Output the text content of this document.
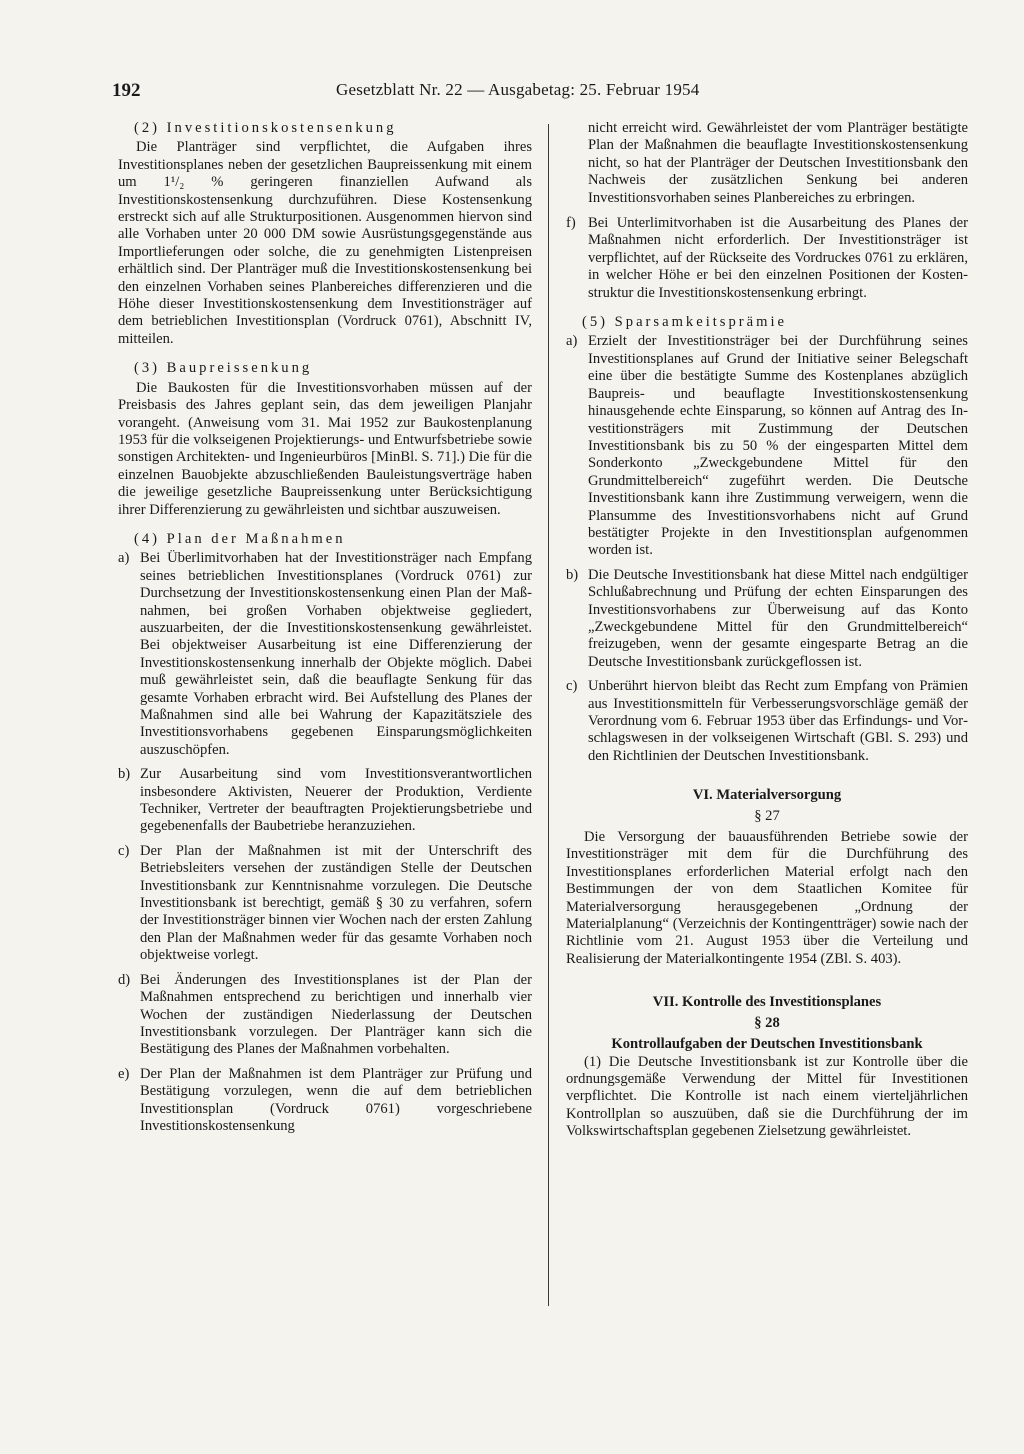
192	Gesetzblatt Nr. 22 — Ausgabetag: 25. Februar 1954
(2) Investitionskostensenkung

Die Planträger sind verpflichtet, die Aufgaben ihres Investitionsplanes neben der gesetzlichen Baupreissenkung mit einem um 1¹/₂ % geringeren finanziellen Aufwand als Investitionskostensenkung durchzuführen. Diese Kostensenkung erstreckt sich auf alle Strukturpositionen. Ausgenommen hiervon sind alle Vorhaben unter 20 000 DM sowie Ausrüstungsgegenstände aus Importlieferungen oder solche, die zu genehmigten Listenpreisen erhältlich sind. Der Planträger muß die Investitionskostensenkung bei den einzelnen Vorhaben seines Planbereiches differenzieren und die Höhe dieser Investitionskostensenkung dem Investitionsträger auf dem betrieblichen Investitionsplan (Vordruck 0761), Abschnitt IV, mitteilen.

(3) Baupreissenkung

Die Baukosten für die Investitionsvorhaben müssen auf der Preisbasis des Jahres geplant sein, das dem jeweiligen Planjahr vorangeht. (Anweisung vom 31. Mai 1952 zur Baukostenplanung 1953 für die volkseigenen Projektierungs- und Entwurfsbetriebe sowie sonstigen Architekten- und Ingenieurbüros [MinBl. S. 71].) Die für die einzelnen Bauobjekte abzuschließenden Bauleistungsverträge haben die jeweilige gesetzliche Baupreissenkung unter Berücksichtigung ihrer Differenzierung zu gewährleisten und sichtbar auszuweisen.

(4) Plan der Maßnahmen
a) Bei Überlimitvorhaben hat der Investitionsträger nach Empfang seines betrieblichen Investitionsplanes (Vordruck 0761) zur Durchsetzung der Investitionskostensenkung einen Plan der Maßnahmen, bei großen Vorhaben objektweise gegliedert, auszuarbeiten, der die Investitionskostensenkung gewährleistet. Bei objektweiser Ausarbeitung ist eine Differenzierung der Investitionskostensenkung innerhalb der Objekte möglich. Dabei muß gewährleistet sein, daß die beauflagte Senkung für das gesamte Vorhaben erbracht wird. Bei Aufstellung des Planes der Maßnahmen sind alle bei Wahrung der Kapazitätsziele des Investitionsvorhabens gegebenen Einsparungsmöglichkeiten auszuschöpfen.
b) Zur Ausarbeitung sind vom Investitionsverantwortlichen insbesondere Aktivisten, Neuerer der Produktion, Verdiente Techniker, Vertreter der beauftragten Projektierungsbetriebe und gegebenenfalls der Baubetriebe heranzuziehen.
c) Der Plan der Maßnahmen ist mit der Unterschrift des Betriebsleiters versehen der zuständigen Stelle der Deutschen Investitionsbank zur Kenntnisnahme vorzulegen. Die Deutsche Investitionsbank ist berechtigt, gemäß § 30 zu verfahren, sofern der Investitionsträger binnen vier Wochen nach der ersten Zahlung den Plan der Maßnahmen weder für das gesamte Vorhaben noch objektweise vorlegt.
d) Bei Änderungen des Investitionsplanes ist der Plan der Maßnahmen entsprechend zu berichtigen und innerhalb vier Wochen der zuständigen Niederlassung der Deutschen Investitionsbank vorzulegen. Der Planträger kann sich die Bestätigung des Planes der Maßnahmen vorbehalten.
e) Der Plan der Maßnahmen ist dem Planträger zur Prüfung und Bestätigung vorzulegen, wenn die auf dem betrieblichen Investitionsplan (Vordruck 0761) vorgeschriebene Investitionskostensenkung
nicht erreicht wird. Gewährleistet der vom Planträger bestätigte Plan der Maßnahmen die beauflagte Investitionskostensenkung nicht, so hat der Planträger der Deutschen Investitionsbank den Nachweis der zusätzlichen Senkung bei anderen Investitionsvorhaben seines Planbereiches zu erbringen.
f) Bei Unterlimitvorhaben ist die Ausarbeitung des Planes der Maßnahmen nicht erforderlich. Der Investitionsträger ist verpflichtet, auf der Rückseite des Vordruckes 0761 zu erklären, in welcher Höhe er bei den einzelnen Positionen der Kostenstruktur die Investitionskostensenkung erbringt.
(5) Sparsamkeitsprämie
a) Erzielt der Investitionsträger bei der Durchführung seines Investitionsplanes auf Grund der Initiative seiner Belegschaft eine über die bestätigte Summe des Kostenplanes abzüglich Baupreis- und beauflagte Investitionskostensenkung hinausgehende echte Einsparung, so können auf Antrag des Investitionsträgers mit Zustimmung der Deutschen Investitionsbank bis zu 50 % der eingesparten Mittel dem Sonderkonto „Zweckgebundene Mittel für den Grundmittelbereich“ zugeführt werden. Die Deutsche Investitionsbank kann ihre Zustimmung verweigern, wenn die Plansumme des Investitionsvorhabens nicht auf Grund bestätigter Projekte in den Investitionsplan aufgenommen worden ist.
b) Die Deutsche Investitionsbank hat diese Mittel nach endgültiger Schlußabrechnung und Prüfung der echten Einsparungen des Investitionsvorhabens zur Überweisung auf das Konto „Zweckgebundene Mittel für den Grundmittelbereich“ freizugeben, wenn der gesamte eingesparte Betrag an die Deutsche Investitionsbank zurückgeflossen ist.
c) Unberührt hiervon bleibt das Recht zum Empfang von Prämien aus Investitionsmitteln für Verbesserungsvorschläge gemäß der Verordnung vom 6. Februar 1953 über das Erfindungs- und Vorschlagswesen in der volkseigenen Wirtschaft (GBl. S. 293) und den Richtlinien der Deutschen Investitionsbank.
VI. Materialversorgung
§ 27

Die Versorgung der bauausführenden Betriebe sowie der Investitionsträger mit dem für die Durchführung des Investitionsplanes erforderlichen Material erfolgt nach den Bestimmungen der von dem Staatlichen Komitee für Materialversorgung herausgegebenen „Ordnung der Materialplanung“ (Verzeichnis der Kontingentträger) sowie nach der Richtlinie vom 21. August 1953 über die Verteilung und Realisierung der Materialkontingente 1954 (ZBl. S. 403).

VII. Kontrolle des Investitionsplanes
§ 28
Kontrollaufgaben der Deutschen Investitionsbank

(1) Die Deutsche Investitionsbank ist zur Kontrolle über die ordnungsgemäße Verwendung der Mittel für Investitionen verpflichtet. Die Kontrolle ist nach einem vierteljährlichen Kontrollplan so auszuüben, daß sie die Durchführung der im Volkswirtschaftsplan gegebenen Zielsetzung gewährleistet.
